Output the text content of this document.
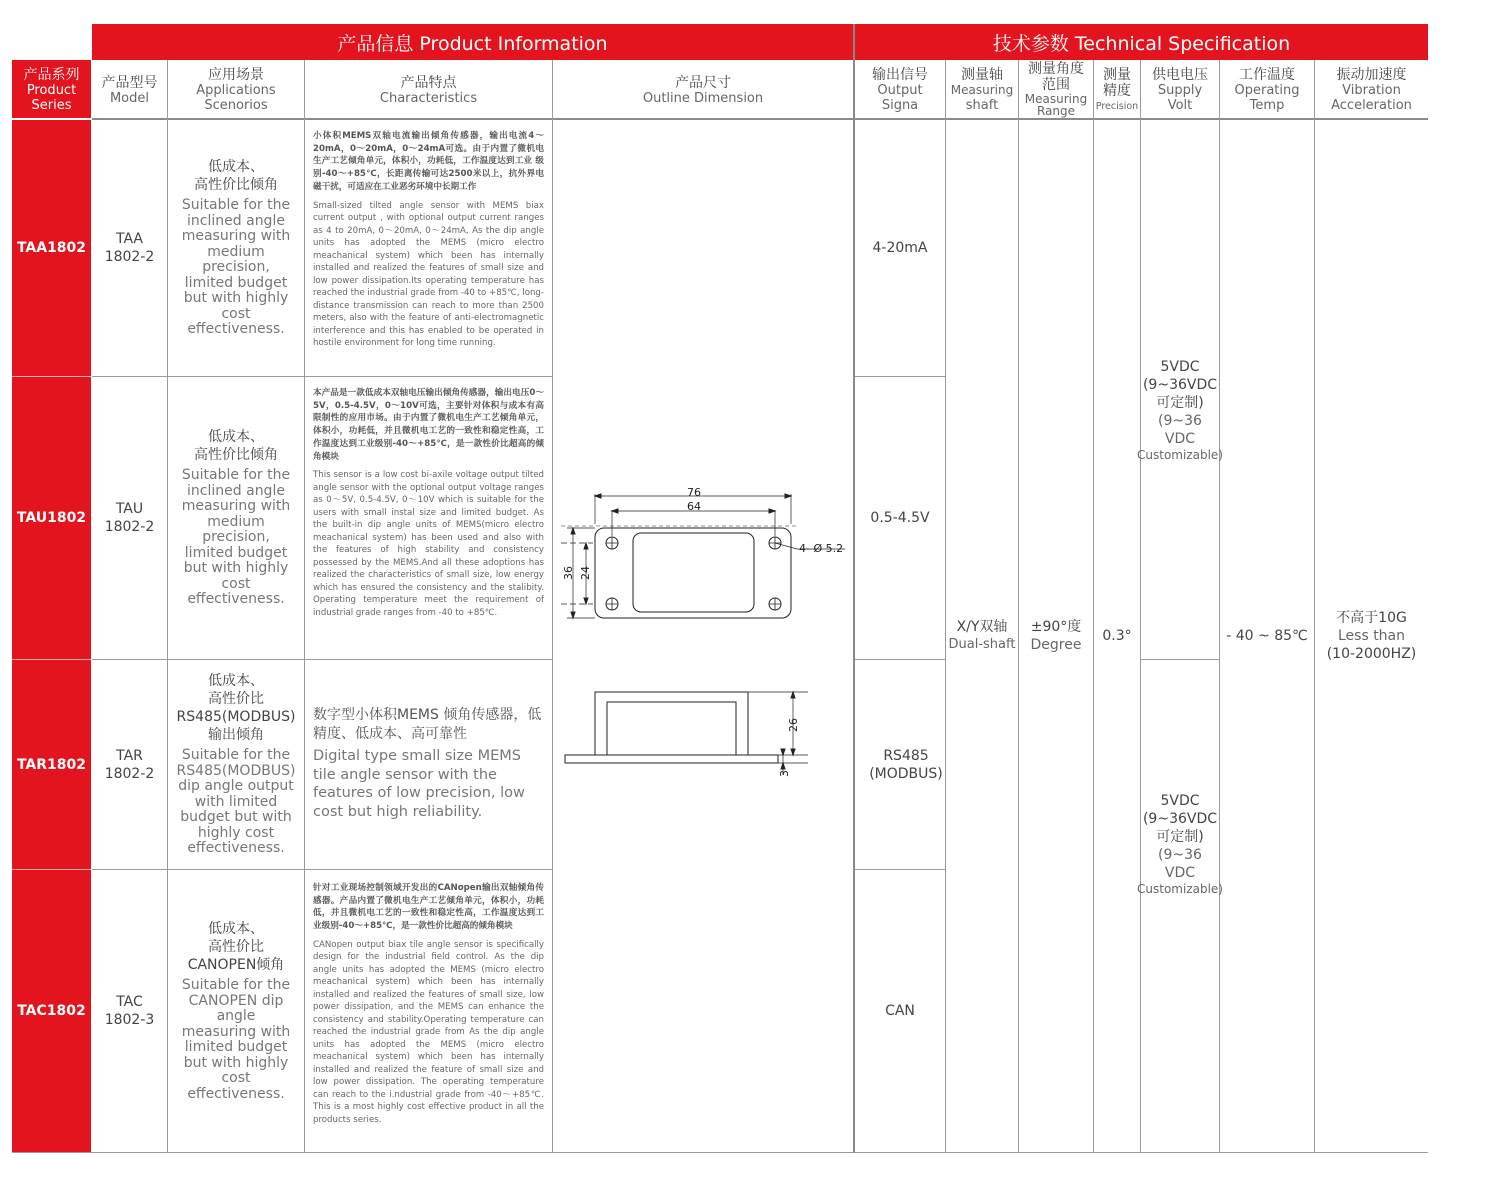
产品信息 Product Information	技术参数 Technical Specification
产品系列
Product
Series
产品型号
Model
应用场景
Applications
Scenorios
产品特点
Characteristics
产品尺寸
Outline Dimension
输出信号
Output
Signa
测量轴
Measuring
shaft
测量角度
范围
Measuring
Range
测量
精度
Precision
供电电压
Supply
Volt
工作温度
Operating
Temp
振动加速度
Vibration
Acceleration
TAA1802
TAA
1802-2
低成本、
高性价比倾角
Suitable for the
inclined angle
measuring with
medium
precision,
limited budget
but with highly
cost
effectiveness.
小体积MEMS双轴电流输出倾角传感器，输出电流4～20mA，0～20mA，0～24mA可选。由于内置了微机电生产工艺倾角单元，体积小，功耗低，工作温度达到工业 级别-40～+85℃，长距离传输可达2500米以上，抗外界电磁干扰，可适应在工业恶劣环境中长期工作
Small-sized tilted angle sensor with MEMS biax current output , with optional output current ranges as 4 to 20mA, 0～20mA, 0～24mA, As the dip angle units has adopted the MEMS (micro electro meachanical system) which been has internally installed and realized the features of small size and low power dissipation.Its operating temperature has reached the industrial grade from -40 to +85℃, long-distance transmission can reach to more than 2500 meters, also with the feature of anti-electromagnetic interference and this has enabled to be operated in hostile environment for long time running.
4-20mA
TAU1802
TAU
1802-2
低成本、
高性价比倾角
Suitable for the
inclined angle
measuring with
medium
precision,
limited budget
but with highly
cost
effectiveness.
本产品是一款低成本双轴电压输出倾角传感器，输出电压0～5V，0.5-4.5V，0～10V可选，主要针对体积与成本有高限制性的应用市场。由于内置了微机电生产工艺倾角单元，体积小，功耗低，并且微机电工艺的一致性和稳定性高，工作温度达到工业级别-40～+85℃，是一款性价比超高的倾角模块
This sensor is a low cost bi-axile voltage output tilted angle sensor with the optional output voltage ranges as 0～5V, 0.5-4.5V, 0～10V which is suitable for the users with small instal size and limited budget. As the built-in dip angle units of MEMS(micro electro meachanical system) has been used and also with the features of high stability and consistency possessed by the MEMS.And all these adoptions has realized the characteristics of small size, low energy which has ensured the consistency and the stalibity. Operating temperature meet the requirement of industrial grade ranges from -40 to +85℃.
0.5-4.5V
TAR1802
TAR
1802-2
低成本、
高性价比
RS485(MODBUS)
输出倾角
Suitable for the
RS485(MODBUS)
dip angle output
with limited
budget but with
highly cost
effectiveness.
数字型小体积MEMS 倾角传感器，低精度、低成本、高可靠性
Digital type small size MEMS tile angle sensor with the features of low precision, low cost but high reliability.
RS485
(MODBUS)
TAC1802
TAC
1802-3
低成本、
高性价比
CANOPEN倾角
Suitable for the
CANOPEN dip
angle
measuring with
limited budget
but with highly
cost
effectiveness.
针对工业现场控制领域开发出的CANopen输出双轴倾角传感器。产品内置了微机电生产工艺倾角单元，体积小，功耗低，并且微机电工艺的一致性和稳定性高，工作温度达到工业级别-40～+85℃，是一款性价比超高的倾角模块
CANopen output biax tile angle sensor is specifically design for the industrial field control. As the dip angle units has adopted the MEMS (micro electro meachanical system) which been has internally installed and realized the features of small size, low power dissipation, and the MEMS can enhance the consistency and stability.Operating temperature can reached the industrial grade from As the dip angle units has adopted the MEMS (micro electro meachanical system) which been has internally installed and realized the feature of small size and low power dissipation. The operating temperature can reach to the i.ndustrial grade from -40～+85℃. This is a most highly cost effective product in all the products series.
CAN
X/Y双轴
Dual-shaft
±90°度
Degree
0.3°
5VDC
(9~36VDC
可定制)
(9~36 VDC
Customizable)
5VDC
(9~36VDC
可定制)
(9~36 VDC
Customizable)
- 40 ~ 85℃
不高于10G
Less than
(10-2000HZ)
76
64
36 24
4- Ø 5.2
26
3
